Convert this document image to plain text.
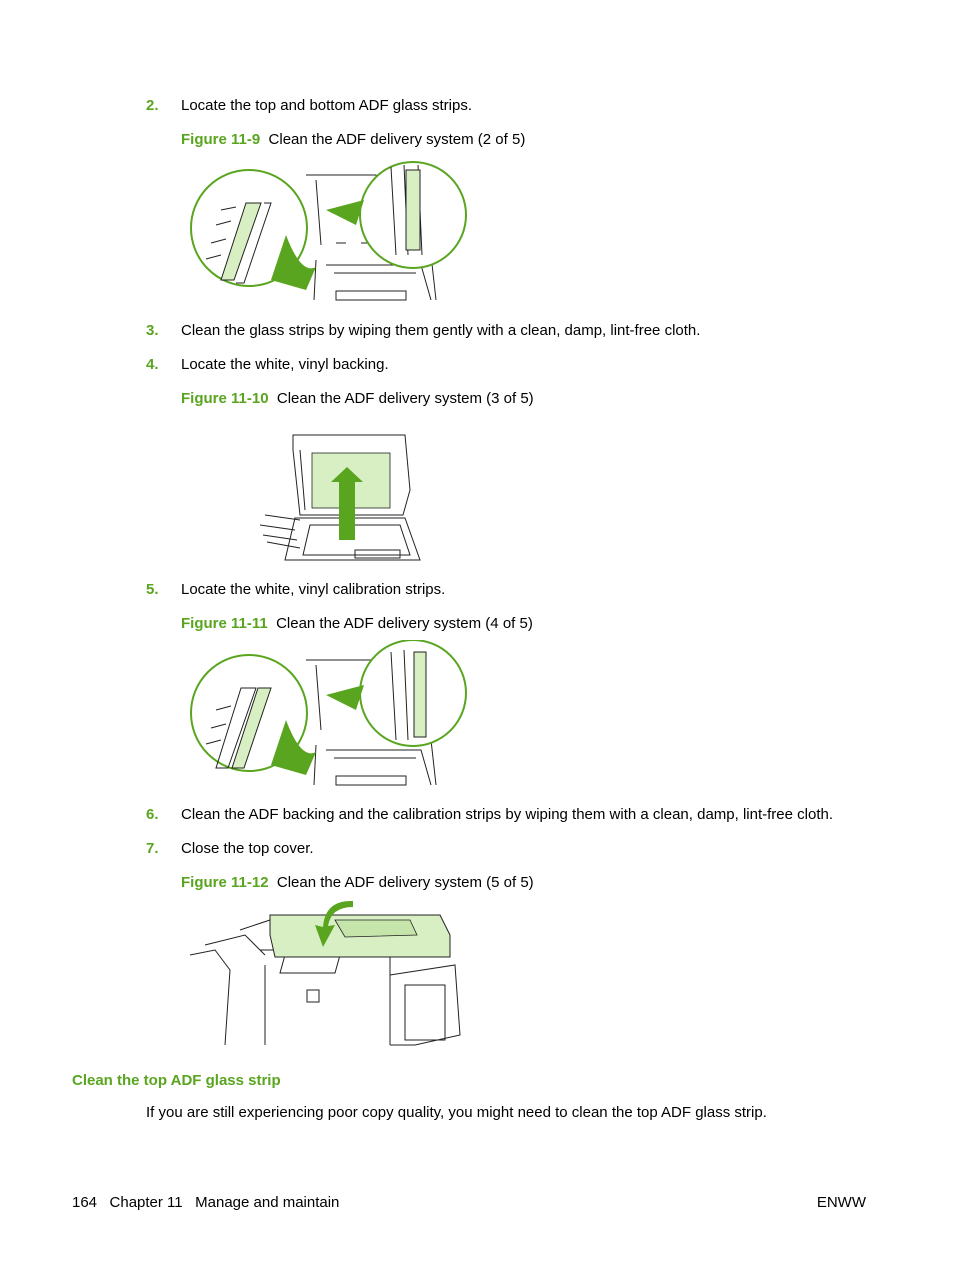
2. Locate the top and bottom ADF glass strips.
Figure 11-9 Clean the ADF delivery system (2 of 5)
3. Clean the glass strips by wiping them gently with a clean, damp, lint-free cloth.
4. Locate the white, vinyl backing.
Figure 11-10 Clean the ADF delivery system (3 of 5)
5. Locate the white, vinyl calibration strips.
Figure 11-11 Clean the ADF delivery system (4 of 5)
6. Clean the ADF backing and the calibration strips by wiping them with a clean, damp, lint-free cloth.
7. Close the top cover.
Figure 11-12 Clean the ADF delivery system (5 of 5)
Clean the top ADF glass strip
If you are still experiencing poor copy quality, you might need to clean the top ADF glass strip.
164   Chapter 11   Manage and maintain	ENWW
